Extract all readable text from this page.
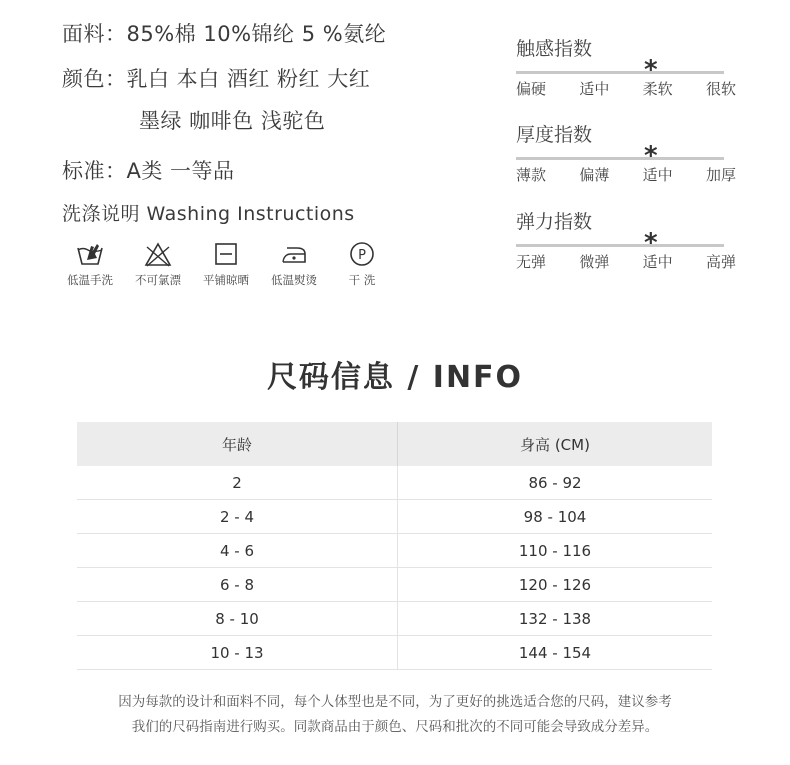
面料：85%棉 10%锦纶 5 %氨纶
颜色：乳白 本白 酒红 粉红 大红
墨绿 咖啡色 浅驼色
标准：A类 一等品
洗涤说明 Washing Instructions
低温手洗 不可氯漂 平铺晾晒 低温熨烫
P
干 洗
触感指数
*
偏硬 适中 柔软 很软
厚度指数
*
薄款 偏薄 适中 加厚
弹力指数
*
无弹 微弹 适中 高弹
尺码信息 / INFO
年龄	身高 (CM)
2	86 - 92
2 - 4	98 - 104
4 - 6	110 - 116
6 - 8	120 - 126
8 - 10	132 - 138
10 - 13	144 - 154
因为每款的设计和面料不同，每个人体型也是不同，为了更好的挑选适合您的尺码，建议参考
我们的尺码指南进行购买。同款商品由于颜色、尺码和批次的不同可能会导致成分差异。
